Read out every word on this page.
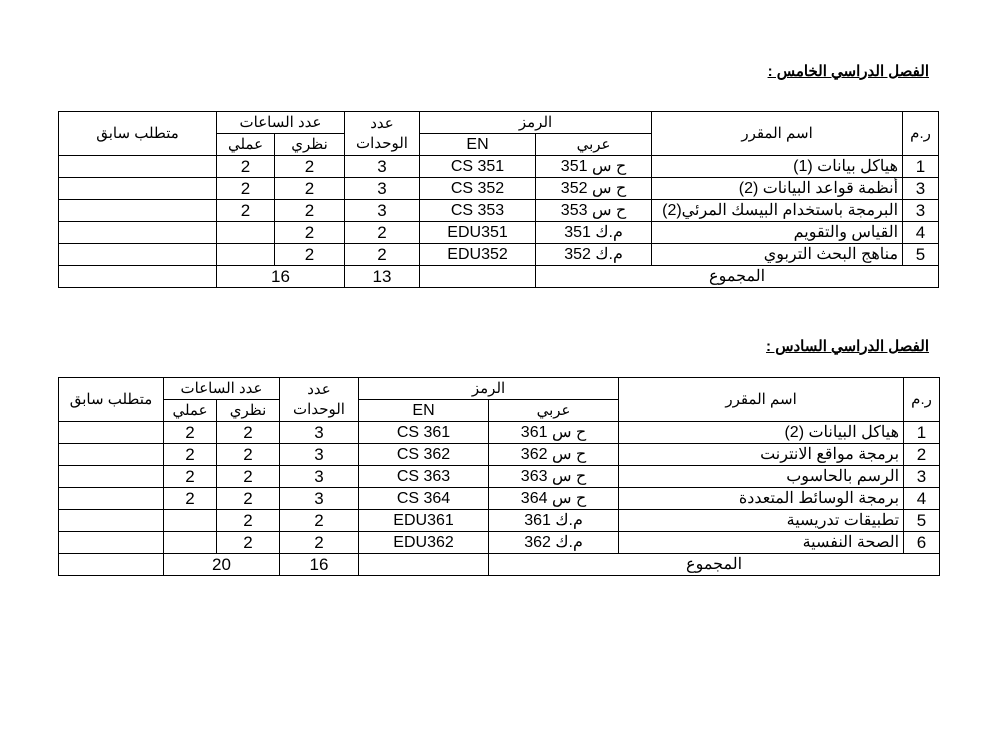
الفصل الدراسي الخامس :
ر.م	اسم المقرر	الرمز		عدد الوحدات	عدد الساعات		متطلب سابق
		عربي	EN		نظري	عملي	
1	هياكل بيانات (1)	ح س 351	CS 351	3	2	2	
3	أنظمة قواعد البيانات (2)	ح س 352	CS 352	3	2	2	
3	البرمجة باستخدام البيسك المرئي(2)	ح س 353	CS 353	3	2	2	
4	القياس والتقويم	م.ك 351	EDU351	2	2		
5	مناهج البحث التربوي	م.ك 352	EDU352	2	2		
المجموع				13	16		
الفصل الدراسي السادس :
ر.م	اسم المقرر	الرمز		عدد الوحدات	عدد الساعات		متطلب سابق
		عربي	EN		نظري	عملي	
1	هياكل البيانات (2)	ح س 361	CS 361	3	2	2	
2	برمجة مواقع الانترنت	ح س 362	CS 362	3	2	2	
3	الرسم بالحاسوب	ح س 363	CS 363	3	2	2	
4	برمجة الوسائط المتعددة	ح س 364	CS 364	3	2	2	
5	تطبيقات تدريسية	م.ك 361	EDU361	2	2		
6	الصحة النفسية	م.ك 362	EDU362	2	2		
المجموع				16	20		
